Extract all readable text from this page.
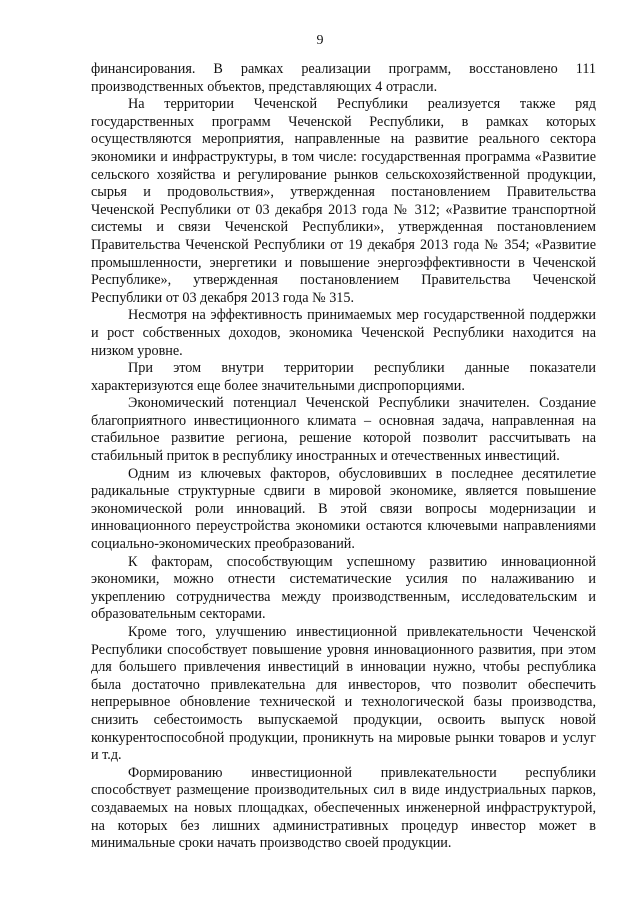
9

финансирования. В рамках реализации программ, восстановлено 111 производственных объектов, представляющих 4 отрасли.

На территории Чеченской Республики реализуется также ряд государственных программ Чеченской Республики, в рамках которых осуществляются мероприятия, направленные на развитие реального сектора экономики и инфраструктуры, в том числе: государственная программа «Развитие сельского хозяйства и регулирование рынков сельскохозяйственной продукции, сырья и продовольствия», утвержденная постановлением Правительства Чеченской Республики от 03 декабря 2013 года № 312; «Развитие транспортной системы и связи Чеченской Республики», утвержденная постановлением Правительства Чеченской Республики от 19 декабря 2013 года № 354; «Развитие промышленности, энергетики и повышение энергоэффективности в Чеченской Республике», утвержденная постановлением Правительства Чеченской Республики от 03 декабря 2013 года № 315.

Несмотря на эффективность принимаемых мер государственной поддержки и рост собственных доходов, экономика Чеченской Республики находится на низком уровне.

При этом внутри территории республики данные показатели характеризуются еще более значительными диспропорциями.

Экономический потенциал Чеченской Республики значителен. Создание благоприятного инвестиционного климата – основная задача, направленная на стабильное развитие региона, решение которой позволит рассчитывать на стабильный приток в республику иностранных и отечественных инвестиций.

Одним из ключевых факторов, обусловивших в последнее десятилетие радикальные структурные сдвиги в мировой экономике, является повышение экономической роли инноваций. В этой связи вопросы модернизации и инновационного переустройства экономики остаются ключевыми направлениями социально-экономических преобразований.

К факторам, способствующим успешному развитию инновационной экономики, можно отнести систематические усилия по налаживанию и укреплению сотрудничества между производственным, исследовательским и образовательным секторами.

Кроме того, улучшению инвестиционной привлекательности Чеченской Республики способствует повышение уровня инновационного развития, при этом для большего привлечения инвестиций в инновации нужно, чтобы республика была достаточно привлекательна для инвесторов, что позволит обеспечить непрерывное обновление технической и технологической базы производства, снизить себестоимость выпускаемой продукции, освоить выпуск новой конкурентоспособной продукции, проникнуть на мировые рынки товаров и услуг и т.д.

Формированию инвестиционной привлекательности республики способствует размещение производительных сил в виде индустриальных парков, создаваемых на новых площадках, обеспеченных инженерной инфраструктурой, на которых без лишних административных процедур инвестор может в минимальные сроки начать производство своей продукции.
